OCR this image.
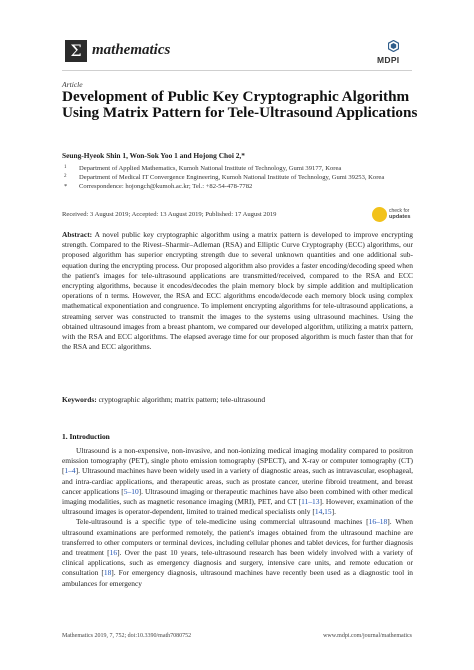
Σ mathematics
MDPI
Article
Development of Public Key Cryptographic Algorithm Using Matrix Pattern for Tele-Ultrasound Applications
Seung-Hyeok Shin 1, Won-Sok Yoo 1 and Hojong Choi 2,*
1 Department of Applied Mathematics, Kumoh National Institute of Technology, Gumi 39177, Korea
2 Department of Medical IT Convergence Engineering, Kumoh National Institute of Technology, Gumi 39253, Korea
* Correspondence: hojongch@kumoh.ac.kr; Tel.: +82-54-478-7782
Received: 3 August 2019; Accepted: 13 August 2019; Published: 17 August 2019	check for
updates
Abstract: A novel public key cryptographic algorithm using a matrix pattern is developed to improve encrypting strength. Compared to the Rivest–Sharmir–Adleman (RSA) and Elliptic Curve Cryptography (ECC) algorithms, our proposed algorithm has superior encrypting strength due to several unknown quantities and one additional sub-equation during the encrypting process. Our proposed algorithm also provides a faster encoding/decoding speed when the patient's images for tele-ultrasound applications are transmitted/received, compared to the RSA and ECC encrypting algorithms, because it encodes/decodes the plain memory block by simple addition and multiplication operations of n terms. However, the RSA and ECC algorithms encode/decode each memory block using complex mathematical exponentiation and congruence. To implement encrypting algorithms for tele-ultrasound applications, a streaming server was constructed to transmit the images to the systems using ultrasound machines. Using the obtained ultrasound images from a breast phantom, we compared our developed algorithm, utilizing a matrix pattern, with the RSA and ECC algorithms. The elapsed average time for our proposed algorithm is much faster than that for the RSA and ECC algorithms.
Keywords: cryptographic algorithm; matrix pattern; tele-ultrasound
1. Introduction

Ultrasound is a non-expensive, non-invasive, and non-ionizing medical imaging modality compared to positron emission tomography (PET), single photo emission tomography (SPECT), and X-ray or computer tomography (CT) [1–4]. Ultrasound machines have been widely used in a variety of diagnostic areas, such as intravascular, esophageal, and intra-cardiac applications, and therapeutic areas, such as prostate cancer, uterine fibroid treatment, and breast cancer applications [5–10]. Ultrasound imaging or therapeutic machines have also been combined with other medical imaging modalities, such as magnetic resonance imaging (MRI), PET, and CT [11–13]. However, examination of the ultrasound images is operator-dependent, limited to trained medical specialists only [14,15].

Tele-ultrasound is a specific type of tele-medicine using commercial ultrasound machines [16–18]. When ultrasound examinations are performed remotely, the patient's images obtained from the ultrasound machine are transferred to other computers or terminal devices, including cellular phones and tablet devices, for further diagnosis and treatment [16]. Over the past 10 years, tele-ultrasound research has been widely involved with a variety of clinical applications, such as emergency diagnosis and surgery, intensive care units, and remote education or consultation [18]. For emergency diagnosis, ultrasound machines have recently been used as a diagnostic tool in ambulances for emergency

Mathematics 2019, 7, 752; doi:10.3390/math7080752	www.mdpi.com/journal/mathematics
